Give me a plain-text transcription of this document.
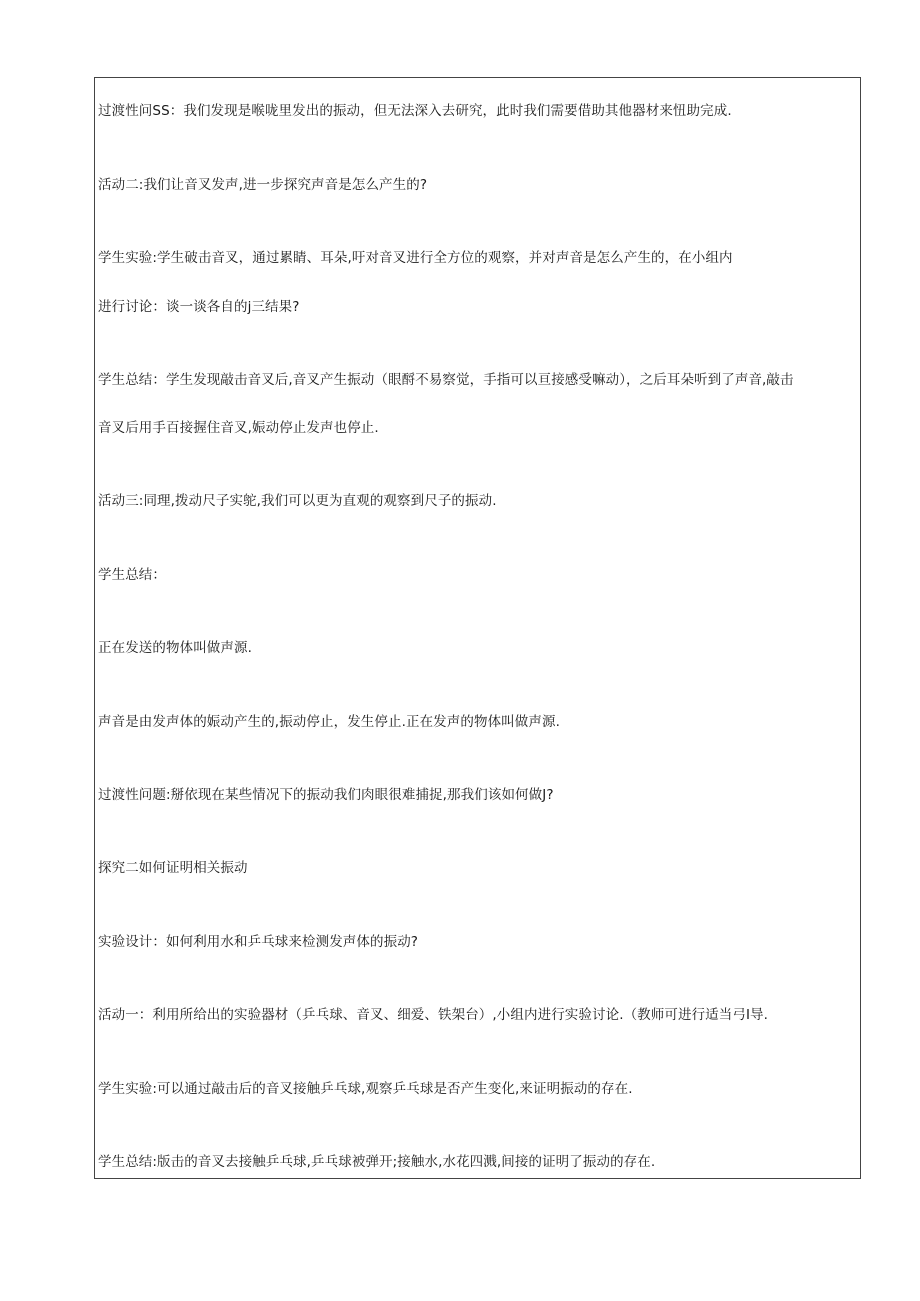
过渡性问SS：我们发现是喉咙里发出的振动，但无法深入去研究，此时我们需要借助其他器材来忸助完成.
活动二:我们让音叉发声,进一步探究声音是怎么产生的?
学生实验:学生破击音叉，通过累睛、耳朵,吁对音叉进行全方位的观察，并对声音是怎么产生的，在小组内
进行讨论：谈一谈各自的j三结果?
学生总结：学生发现敲击音叉后,音叉产生振动（眼酹不易察觉，手指可以亘接感受嘛动），之后耳朵听到了声音,敲击
音叉后用手百接握住音叉,娠动停止发声也停止.
活动三:同理,拨动尺子实鸵,我们可以更为直观的观察到尺子的振动.
学生总结：
正在发送的物体叫做声源.
声音是由发声体的娠动产生的,振动停止，发生停止.正在发声的物体叫做声源.
过渡性问题:掰依现在某些情况下的振动我们肉眼很难捕捉,那我们该如何做J?
探究二如何证明相关振动
实验设计：如何利用水和乒乓球来检测发声体的振动?
活动一：利用所给出的实验器材（乒乓球、音叉、细爱、铁架台）,小组内进行实验讨论.（教师可进行适当弓I导.
学生实验:可以通过敲击后的音叉接触乒乓球,观察乒乓球是否产生变化,来证明振动的存在.
学生总结:版击的音叉去接触乒乓球,乒乓球被弹开;接触水,水花四溅,间接的证明了振动的存在.
